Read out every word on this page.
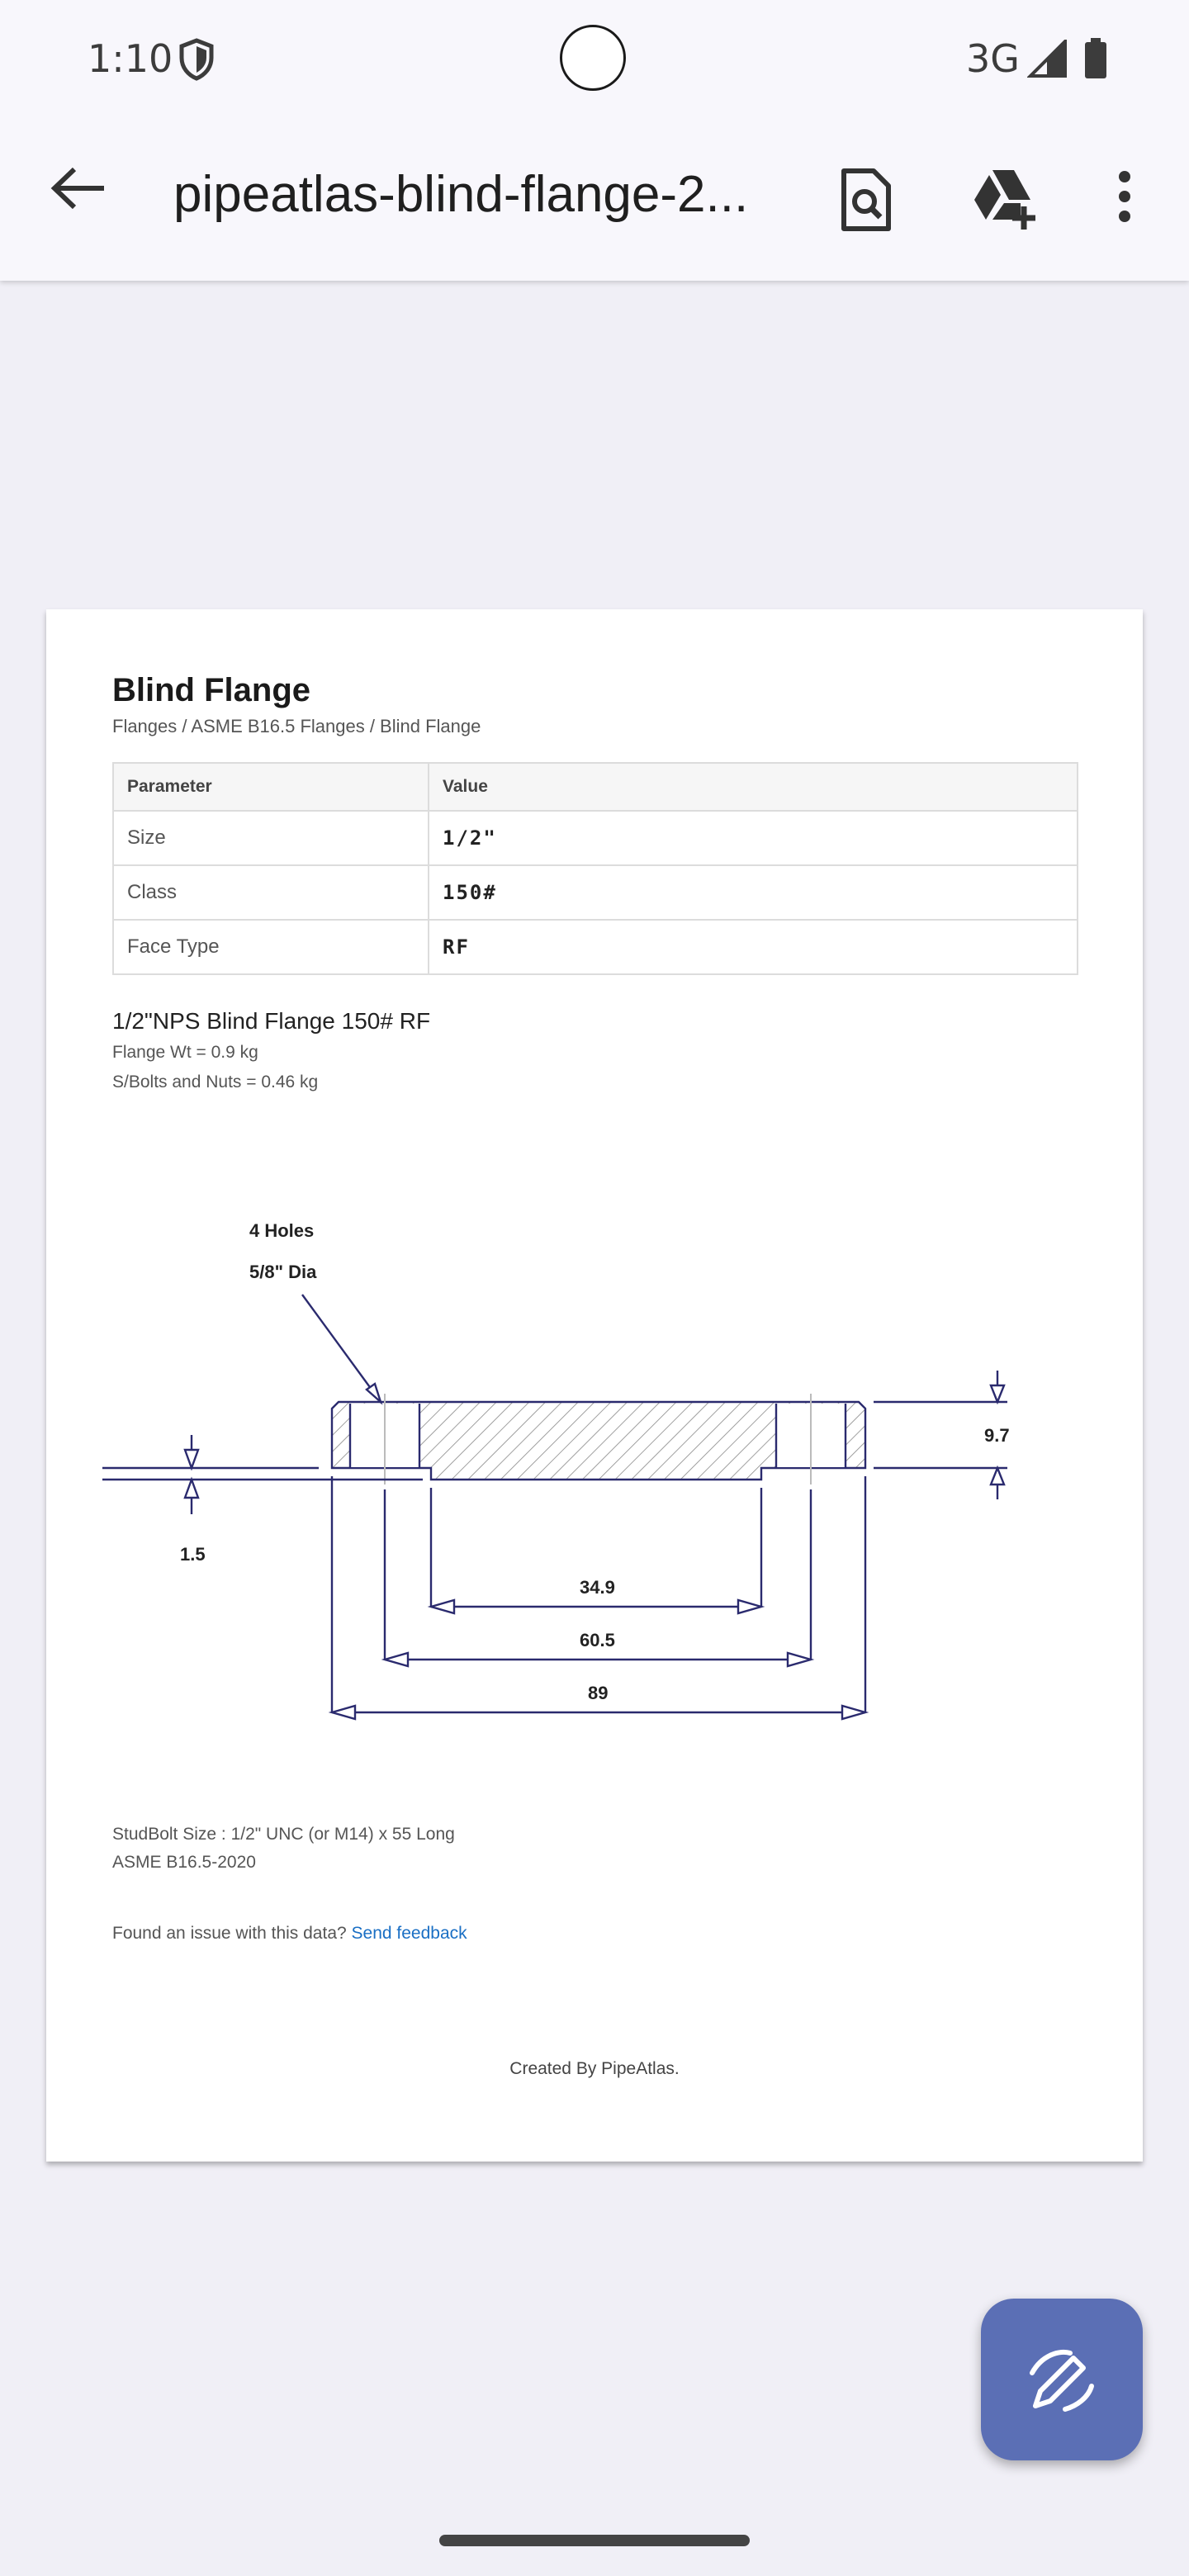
1:10	3G
pipeatlas-blind-flange-2...
Blind Flange
Flanges / ASME B16.5 Flanges / Blind Flange
Parameter	Value
Size	1/2"
Class	150#
Face Type	RF
1/2"NPS Blind Flange 150# RF
Flange Wt = 0.9 kg
S/Bolts and Nuts = 0.46 kg
4 Holes
5/8" Dia
9.7
1.5
34.9
60.5
89
StudBolt Size : 1/2" UNC (or M14) x 55 Long
ASME B16.5-2020
Found an issue with this data? Send feedback
Created By PipeAtlas.
